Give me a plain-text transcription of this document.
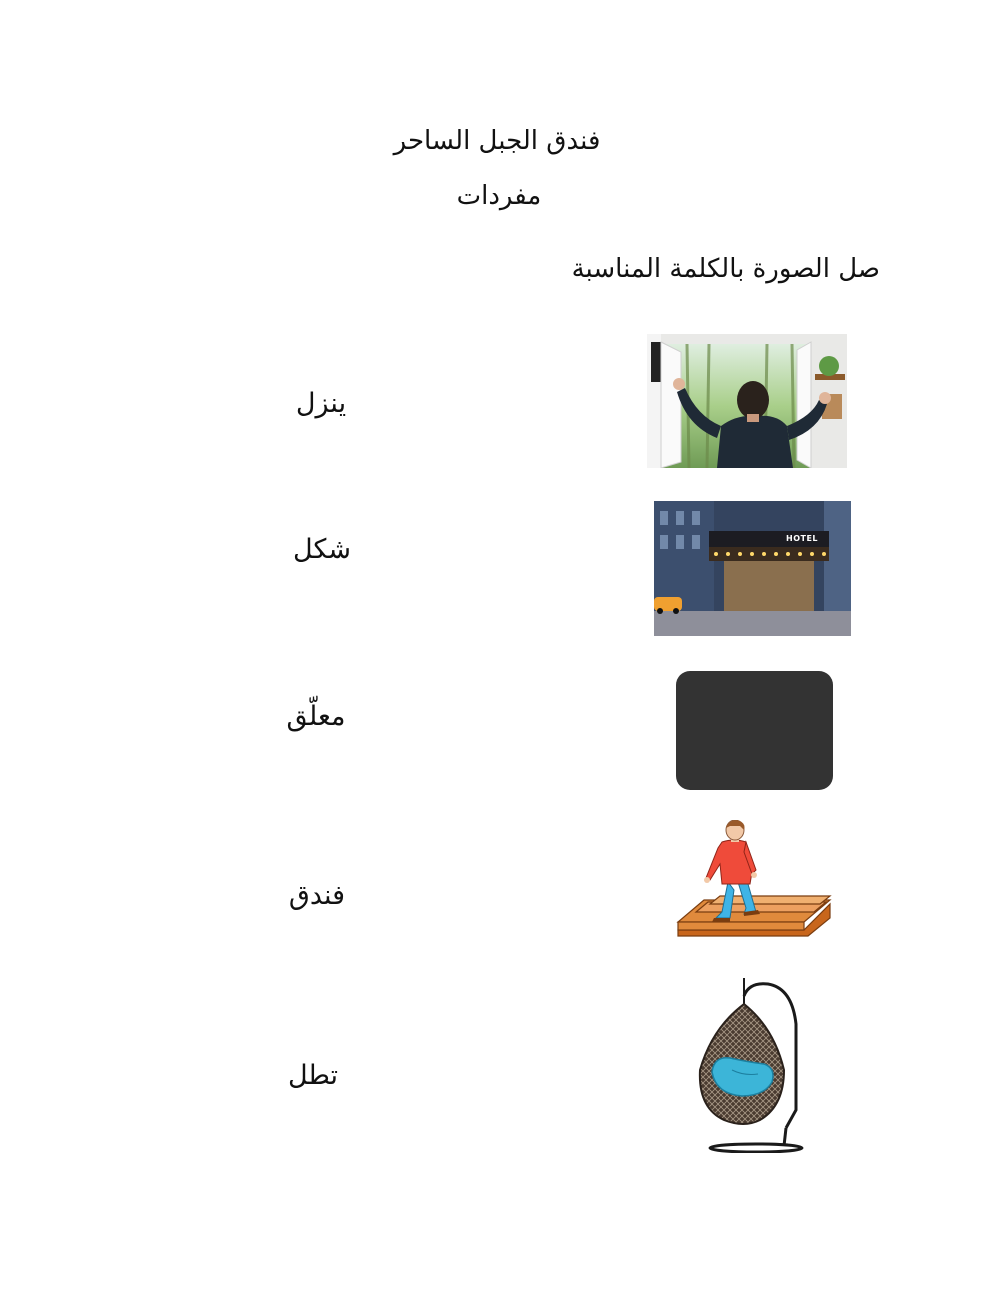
فندق الجبل الساحر
مفردات
صل الصورة بالكلمة المناسبة
ينزل
شكل
معلّق
فندق
تطل
HOTEL
